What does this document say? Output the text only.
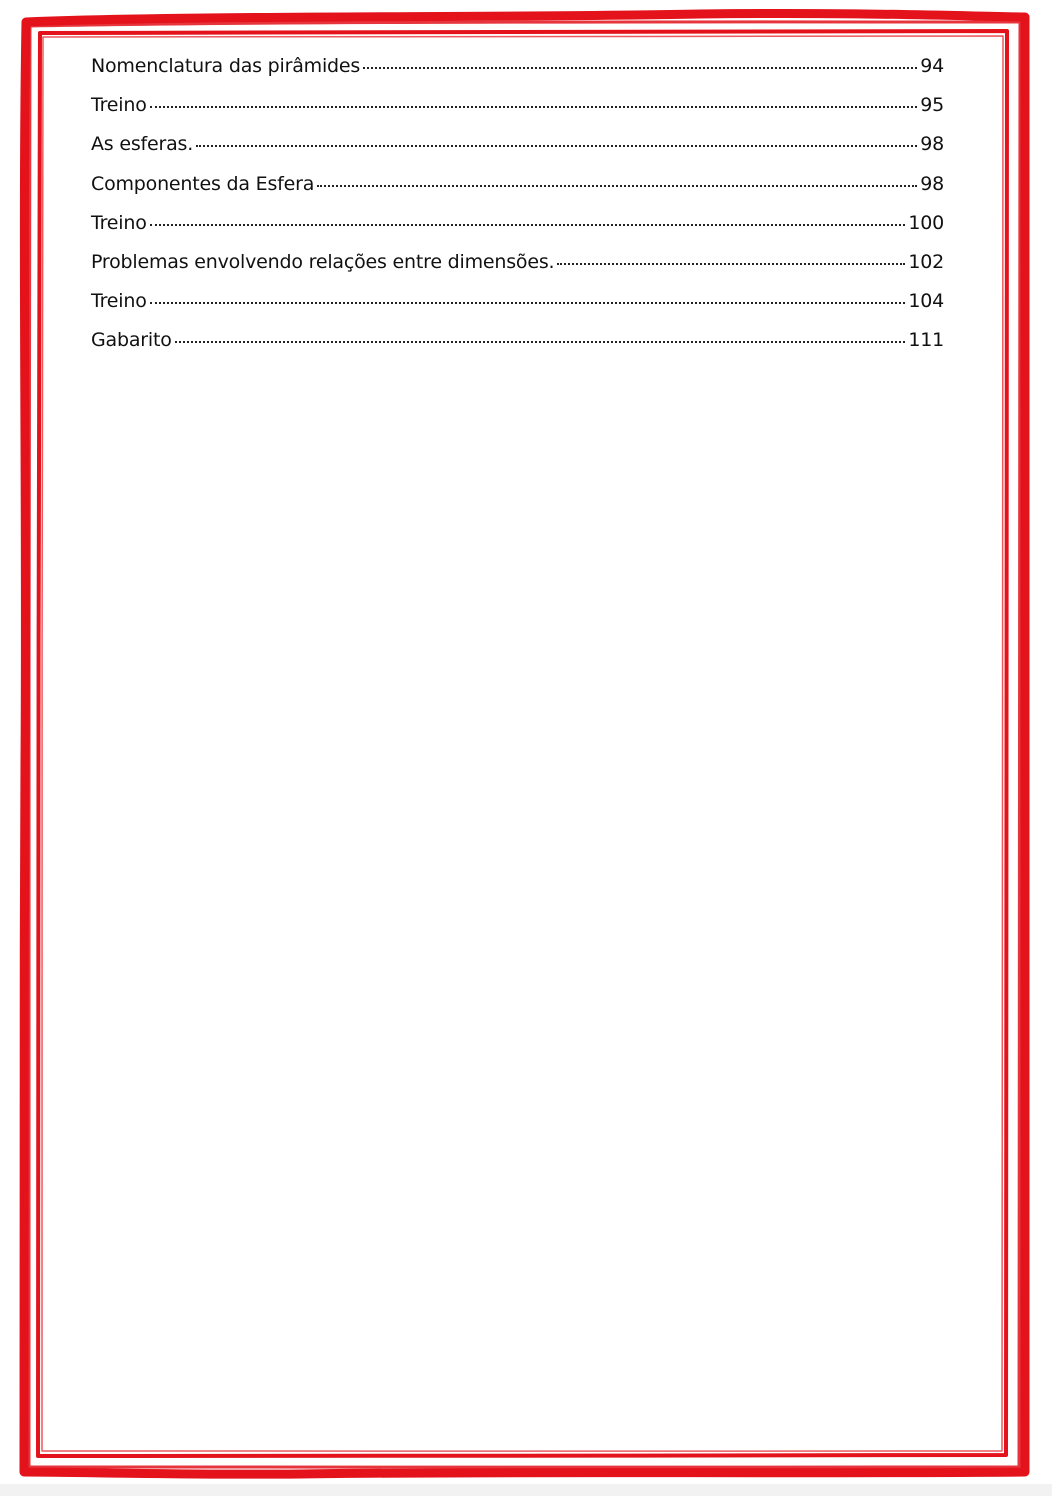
Nomenclatura das pirâmides	94
Treino	95
As esferas.	98
Componentes da Esfera	98
Treino	100
Problemas envolvendo relações entre dimensões.	102
Treino	104
Gabarito	111
